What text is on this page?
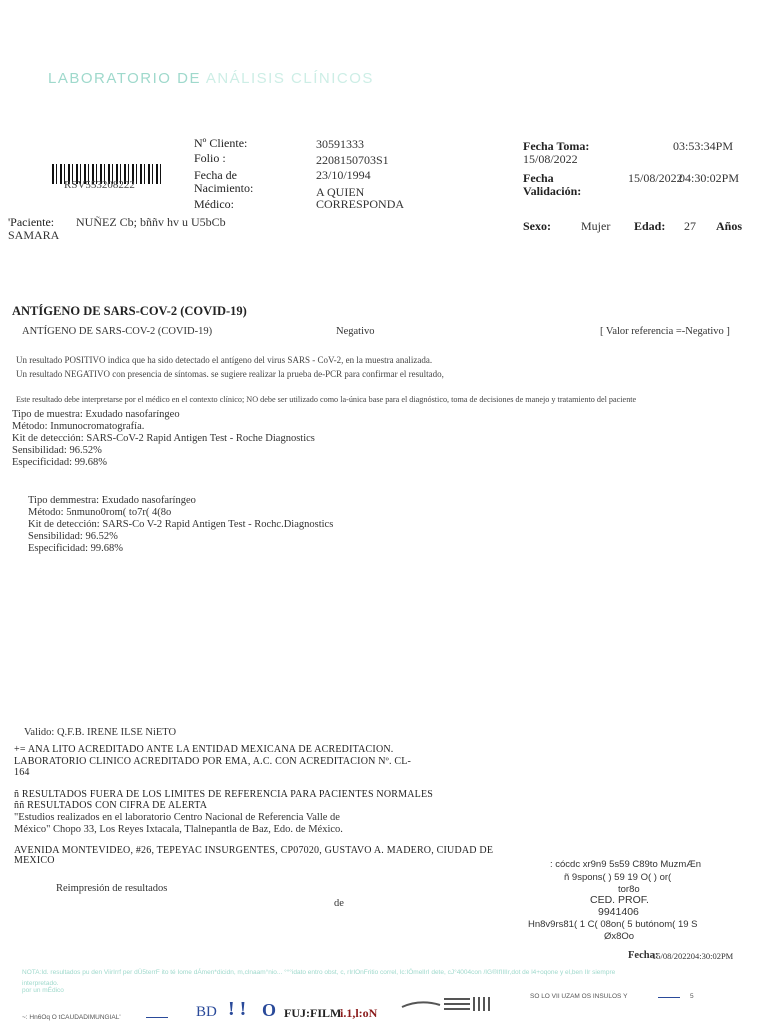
LABORATORIO DE ANÁLISIS CLÍNICOS
RSV553208222
Nº Cliente:	30591333
Folio :	2208150703S1
Fecha de
Nacimiento:
23/10/1994
Médico:
A QUIEN
CORRESPONDA
Fecha Toma:	03:53:34PM
15/08/2022
Fecha
Validación:
15/08/2022
04:30:02PM
'Paciente: NUÑEZ Cb; bññv hv u U5bCb
SAMARA
Sexo:	Mujer Edad: 27 Años
ANTÍGENO DE SARS-COV-2 (COVID-19)
ANTÍGENO DE SARS-COV-2 (COVID-19)	Negativo	[ Valor referencia =-Negativo ]
Un resultado POSITIVO indica que ha sido detectado el antígeno del virus SARS - CoV-2, en la muestra analizada.
Un resultado NEGATIVO con presencia de síntomas. se sugiere realizar la prueba de-PCR para confirmar el resultado,
Este resultado debe interpretarse por el médico en el contexto clínico; NO debe ser utilizado como la-única base para el diagnóstico, toma de decisiones de manejo y tratamiento del paciente
Tipo de muestra: Exudado nasofaríngeo
Método: Inmunocromatografía.
Kit de detección: SARS-CoV-2 Rapid Antigen Test - Roche Diagnostics
Sensibilidad: 96.52%
Especificidad: 99.68%
Tipo demmestra: Exudado nasofaríngeo
Método: 5nmuno0rom( to7r( 4(8o
Kit de detección: SARS-Co V-2 Rapid Antigen Test - Rochc.Diagnostics
Sensibilidad: 96.52%
Especificidad: 99.68%
Valido: Q.F.B. IRENE ILSE NiETO
+= ANA LITO ACREDITADO ANTE LA ENTIDAD MEXICANA DE ACREDITACION.
LABORATORIO CLINICO ACREDITADO POR EMA, A.C. CON ACREDITACION Nº. CL-
164
ñ RESULTADOS FUERA DE LOS LIMITES DE REFERENCIA PARA PACIENTES NORMALES
ññ RESULTADOS CON CIFRA DE ALERTA
"Estudios realizados en el laboratorio Centro Nacional de Referencia Valle de
México" Chopo 33, Los Reyes Ixtacala, Tlalnepantla de Baz, Edo. de México.
AVENIDA MONTEVIDEO, #26, TEPEYAC INSURGENTES, CP07020, GUSTAVO A. MADERO, CIUDAD DE
MEXICO	: cócdc xr9n9 5s59 C89to MuzmÆn
ñ 9spons( ) 59 19 O( ) or(
tor8o
CED. PROF.
9941406
Hn8v9rs81( 1 C( 08on( 5 butónom( 19 S
Øx8Oo
Reimpresión de resultados
de
Fecha:
15/08/202204:30:02PM
NOTA:Id. resultados pu den ViirIrrf per dÜ5terrF ito té Iome dÁmen*dicidn, m,clnaam°nio... °°°idato entro obst, c, rIrIOnFritio correl, lc:IÓmelIrI dete, cJ°4004con /IG®IfIIIIr,dot de l4+oqone y el,ben IIr siempre
interpretado.
por un mÉdico
~: Hn6Oq O tCAUDADIMUNGIAL'	BD ! ! O FUJ:FILM
i.1,l:oN
SO LO VII UZAM OS INSULOS Y	5
